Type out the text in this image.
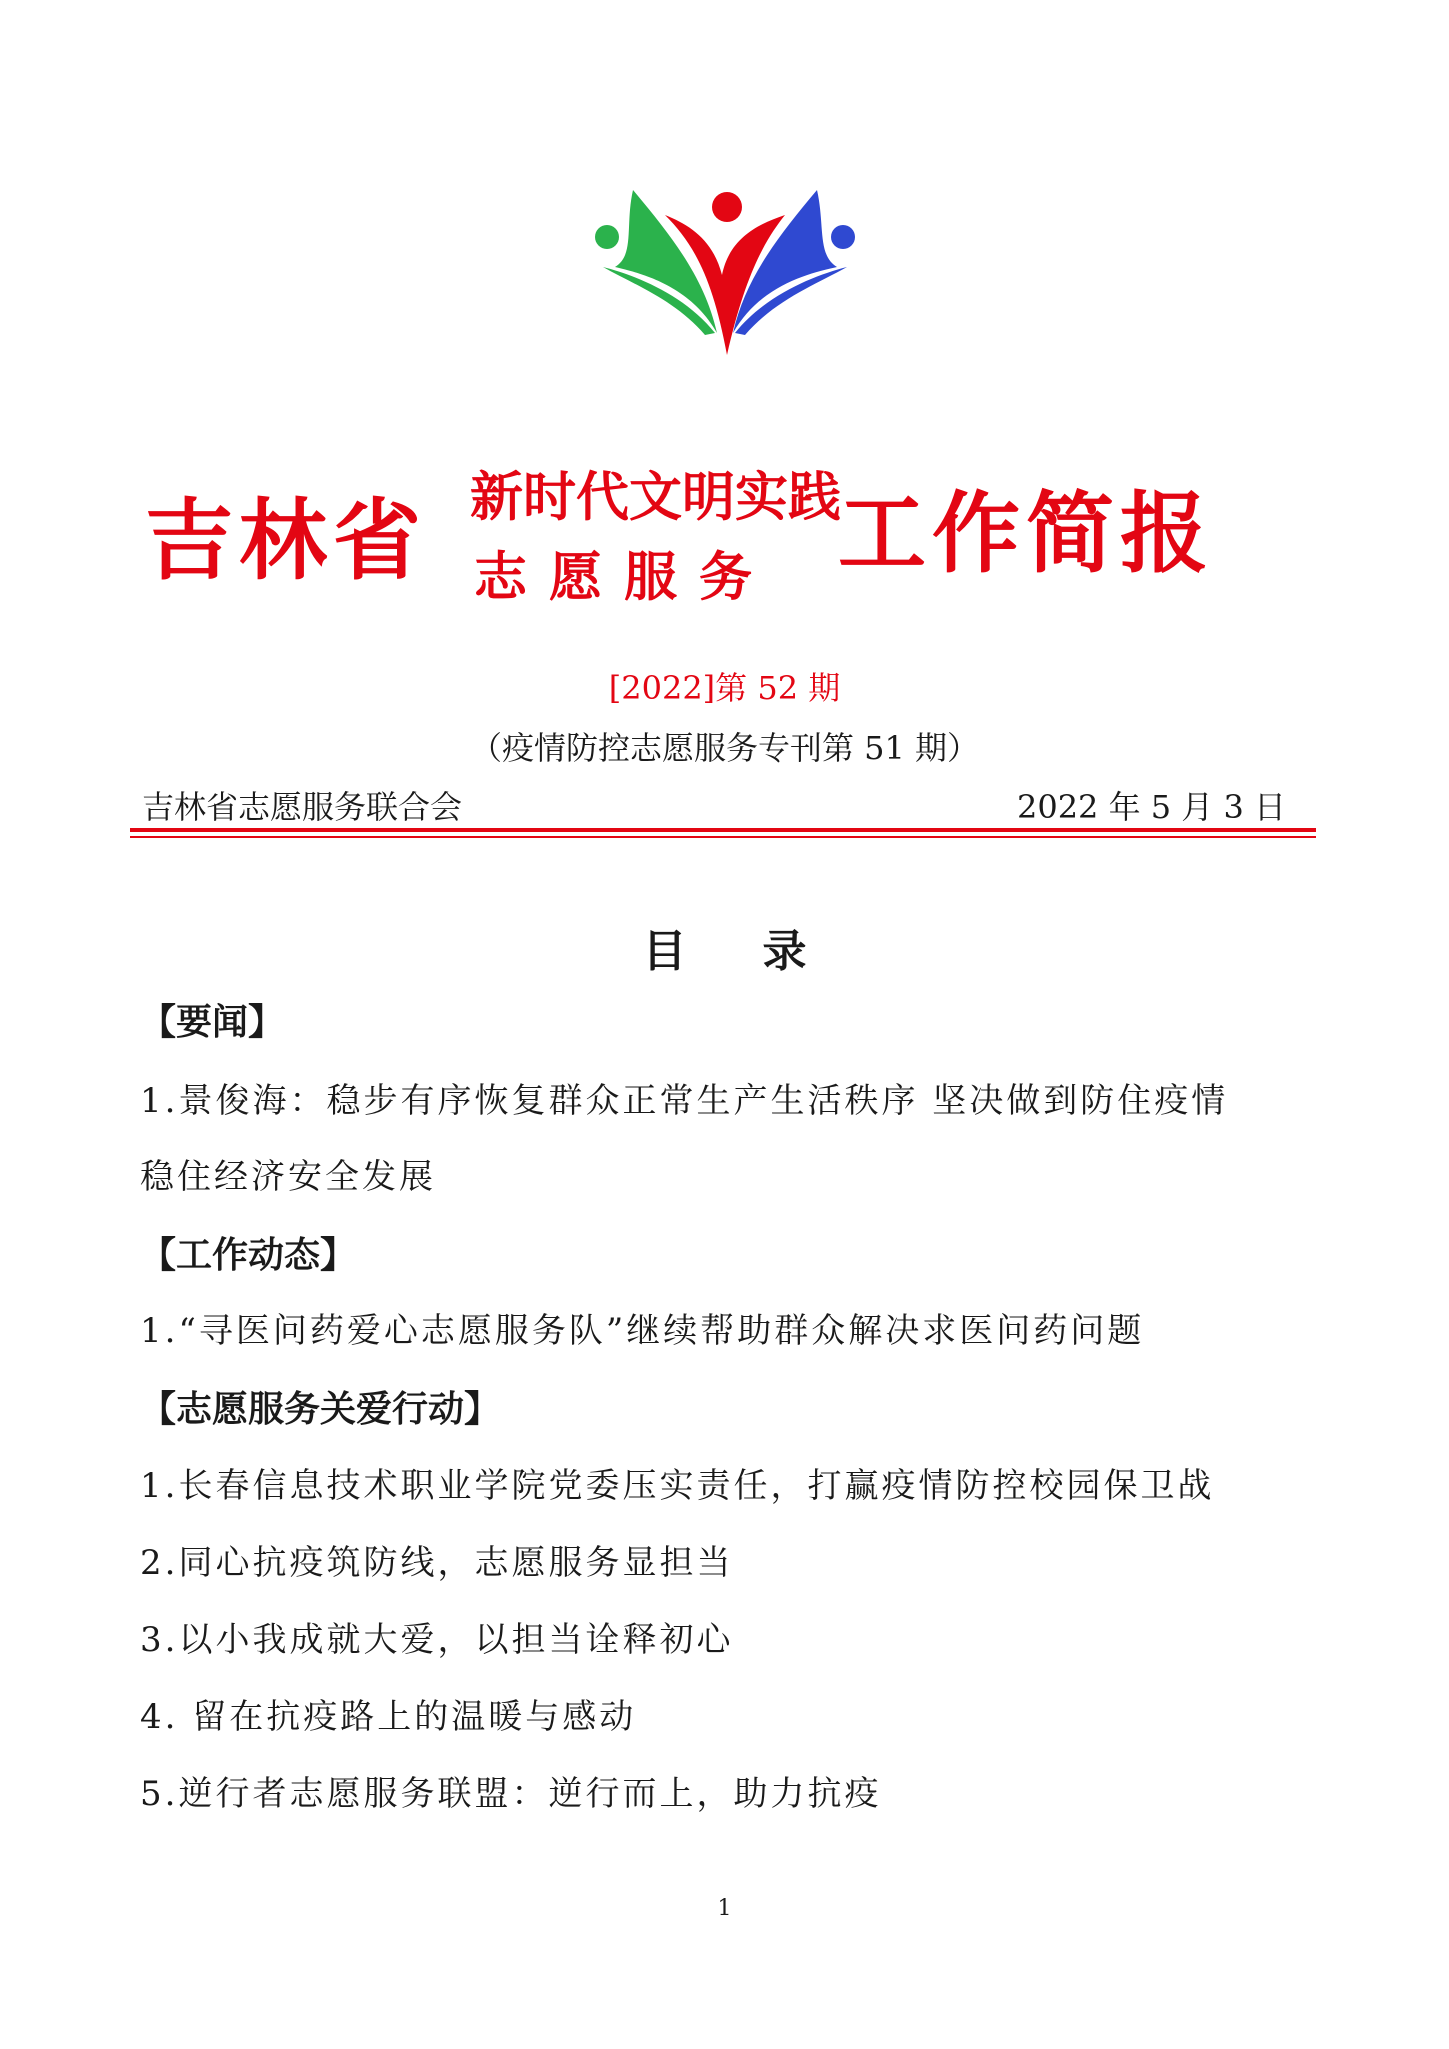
吉林省 新时代文明实践
志愿服务 工作简报
[2022]第 52 期
（疫情防控志愿服务专刊第 51 期）
吉林省志愿服务联合会	2022 年 5 月 3 日
目录
【要闻】
1.景俊海：稳步有序恢复群众正常生产生活秩序 坚决做到防住疫情
稳住经济安全发展
【工作动态】
1.“寻医问药爱心志愿服务队”继续帮助群众解决求医问药问题
【志愿服务关爱行动】
1.长春信息技术职业学院党委压实责任，打赢疫情防控校园保卫战
2.同心抗疫筑防线，志愿服务显担当
3.以小我成就大爱，以担当诠释初心
4. 留在抗疫路上的温暖与感动
5.逆行者志愿服务联盟：逆行而上，助力抗疫
1
